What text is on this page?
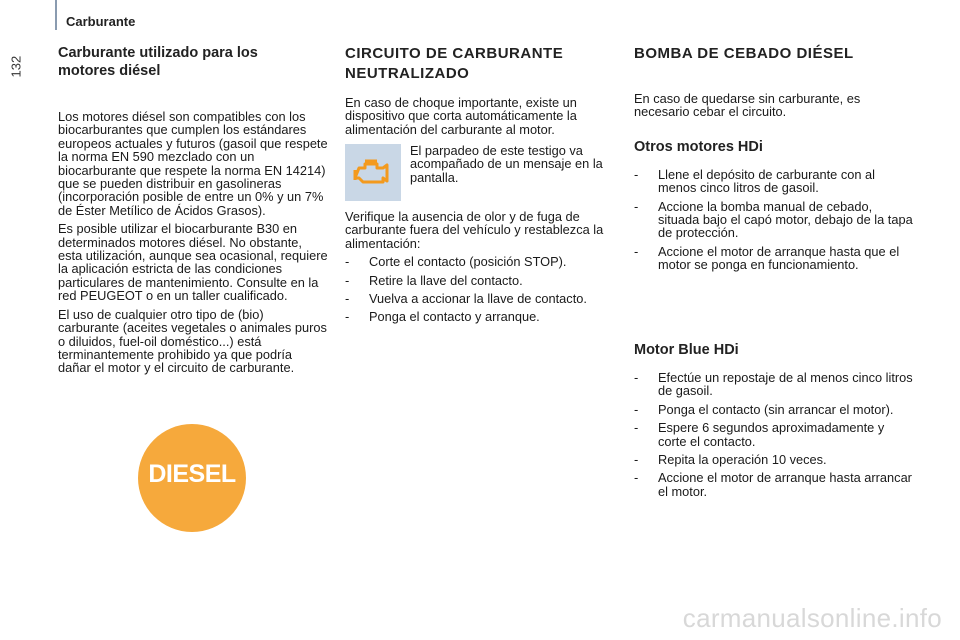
Carburante
132
Carburante utilizado para los motores diésel

Los motores diésel son compatibles con los biocarburantes que cumplen los estándares europeos actuales y futuros (gasoil que respete la norma EN 590 mezclado con un biocarburante que respete la norma EN 14214) que se pueden distribuir en gasolineras (incorporación posible de entre un 0% y un 7% de Éster Metílico de Ácidos Grasos).

Es posible utilizar el biocarburante B30 en determinados motores diésel. No obstante, esta utilización, aunque sea ocasional, requiere la aplicación estricta de las condiciones particulares de mantenimiento. Consulte en la red PEUGEOT o en un taller cualificado.

El uso de cualquier otro tipo de (bio) carburante (aceites vegetales o animales puros o diluidos, fuel-oil doméstico...) está terminantemente prohibido ya que podría dañar el motor y el circuito de carburante.

DIESEL
CIRCUITO DE CARBURANTE
NEUTRALIZADO

En caso de choque importante, existe un dispositivo que corta automáticamente la alimentación del carburante al motor.

El parpadeo de este testigo va acompañado de un mensaje en la pantalla.

Verifique la ausencia de olor y de fuga de carburante fuera del vehículo y restablezca la alimentación:

- Corte el contacto (posición STOP).
- Retire la llave del contacto.
- Vuelva a accionar la llave de contacto.
- Ponga el contacto y arranque.
BOMBA DE CEBADO DIÉSEL

En caso de quedarse sin carburante, es necesario cebar el circuito.

Otros motores HDi
- Llene el depósito de carburante con al menos cinco litros de gasoil.
- Accione la bomba manual de cebado, situada bajo el capó motor, debajo de la tapa de protección.
- Accione el motor de arranque hasta que el motor se ponga en funcionamiento.
Motor Blue HDi
- Efectúe un repostaje de al menos cinco litros de gasoil.
- Ponga el contacto (sin arrancar el motor).
- Espere 6 segundos aproximadamente y corte el contacto.
- Repita la operación 10 veces.
- Accione el motor de arranque hasta arrancar el motor.
carmanualsonline.info
